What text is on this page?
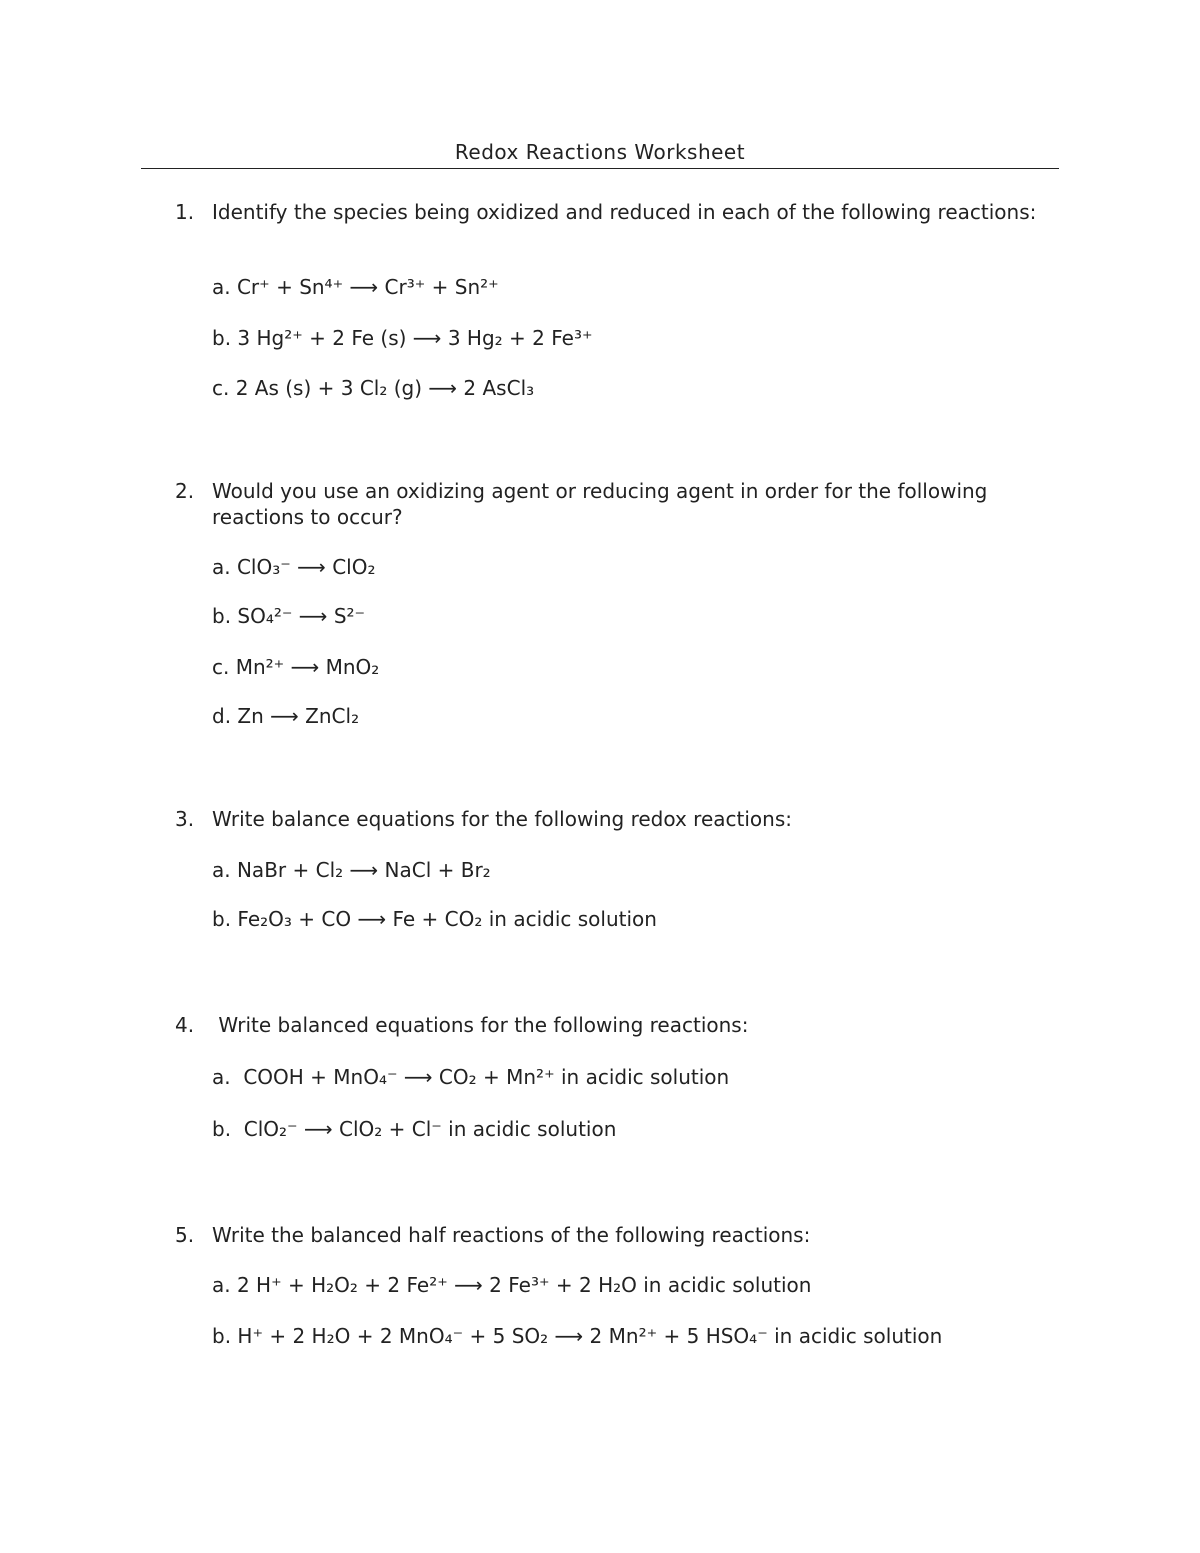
Redox Reactions Worksheet
1. Identify the species being oxidized and reduced in each of the following reactions:
a. Cr⁺ + Sn⁴⁺ ⟶ Cr³⁺ + Sn²⁺
b. 3 Hg²⁺ + 2 Fe (s) ⟶ 3 Hg₂ + 2 Fe³⁺
c. 2 As (s) + 3 Cl₂ (g) ⟶ 2 AsCl₃
2. Would you use an oxidizing agent or reducing agent in order for the following reactions to occur?
a. ClO₃⁻ ⟶ ClO₂
b. SO₄²⁻ ⟶ S²⁻
c. Mn²⁺ ⟶ MnO₂
d. Zn ⟶ ZnCl₂
3. Write balance equations for the following redox reactions:
a. NaBr + Cl₂ ⟶ NaCl + Br₂
b. Fe₂O₃ + CO ⟶ Fe + CO₂ in acidic solution
4. Write balanced equations for the following reactions:
a.  COOH + MnO₄⁻ ⟶ CO₂ + Mn²⁺ in acidic solution
b.  ClO₂⁻ ⟶ ClO₂ + Cl⁻ in acidic solution
5. Write the balanced half reactions of the following reactions:
a. 2 H⁺ + H₂O₂ + 2 Fe²⁺ ⟶ 2 Fe³⁺ + 2 H₂O in acidic solution
b. H⁺ + 2 H₂O + 2 MnO₄⁻ + 5 SO₂ ⟶ 2 Mn²⁺ + 5 HSO₄⁻ in acidic solution
